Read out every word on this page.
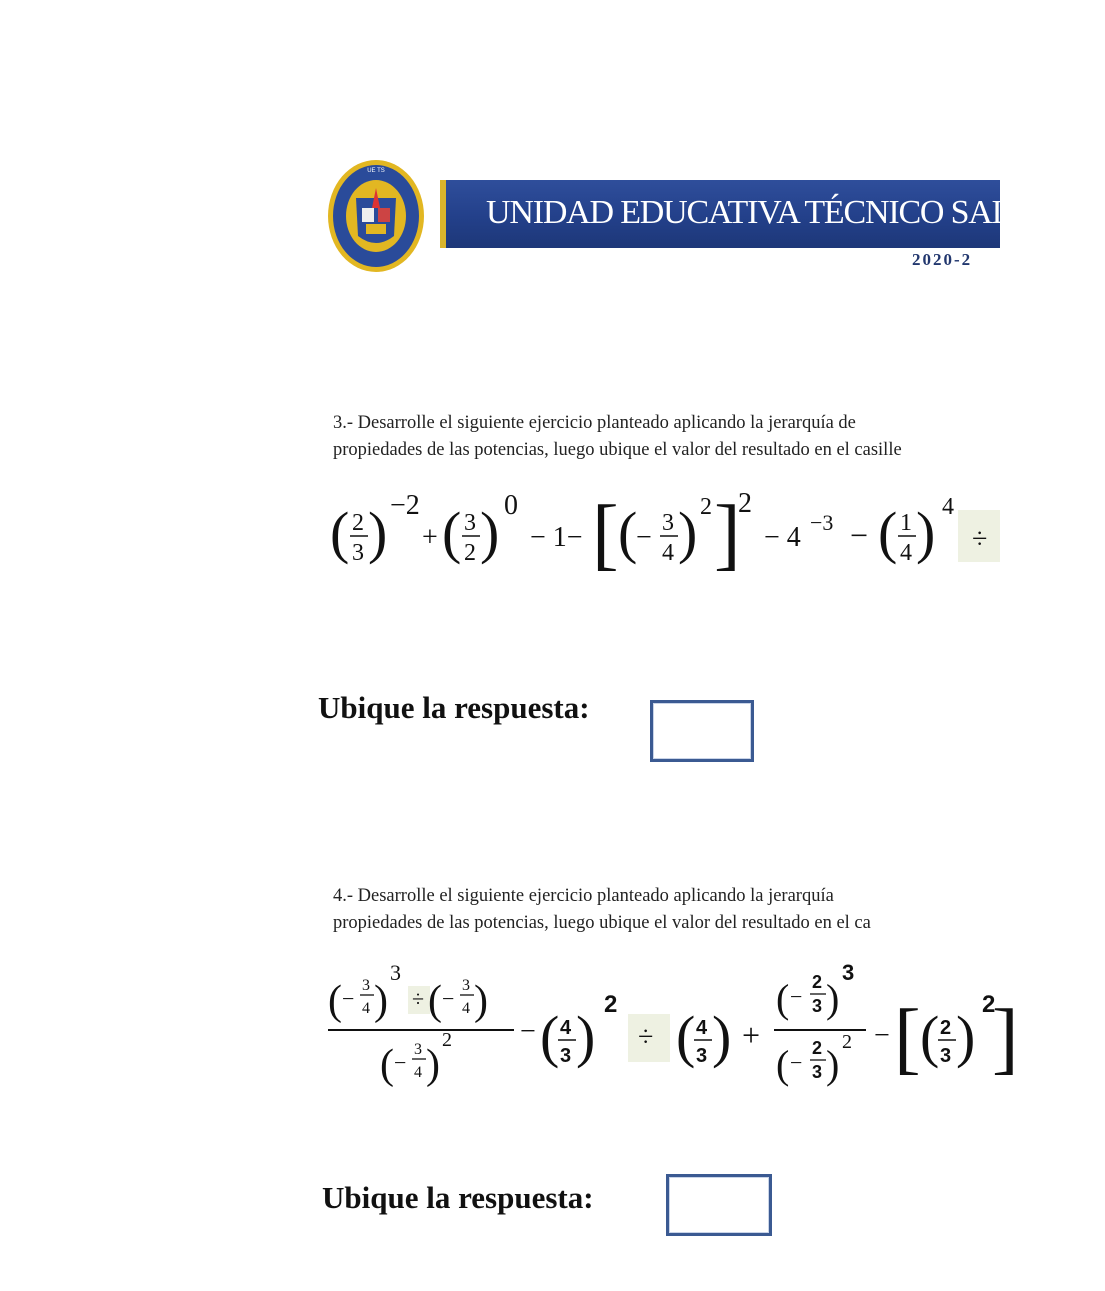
UE TS
UNIDAD EDUCATIVA TÉCNICO SALESIAN
2020-2
3.- Desarrolle el siguiente ejercicio planteado aplicando la jerarquía de
propiedades de las potencias, luego ubique el valor del resultado en el casille
( 2
3 ) −2
+ ( 3
2 ) 0
− 1− [ (
− 3
4 ) 2 ]
2
− 4 −3 − ( 1
4 ) 4
÷
Ubique la respuesta:
4.- Desarrolle el siguiente ejercicio planteado aplicando la jerarquía
propiedades de las potencias, luego ubique el valor del resultado en el ca
( −
3
4 )
3
÷ ( −
3
4 )
( −
3
4 )
2 − ( 4
3 ) 2
÷ ( 4
3 ) +
( −
2
3 )
3
( −
2
3 ) 2 − [ ( 2
3 ) 2
]
Ubique la respuesta:
